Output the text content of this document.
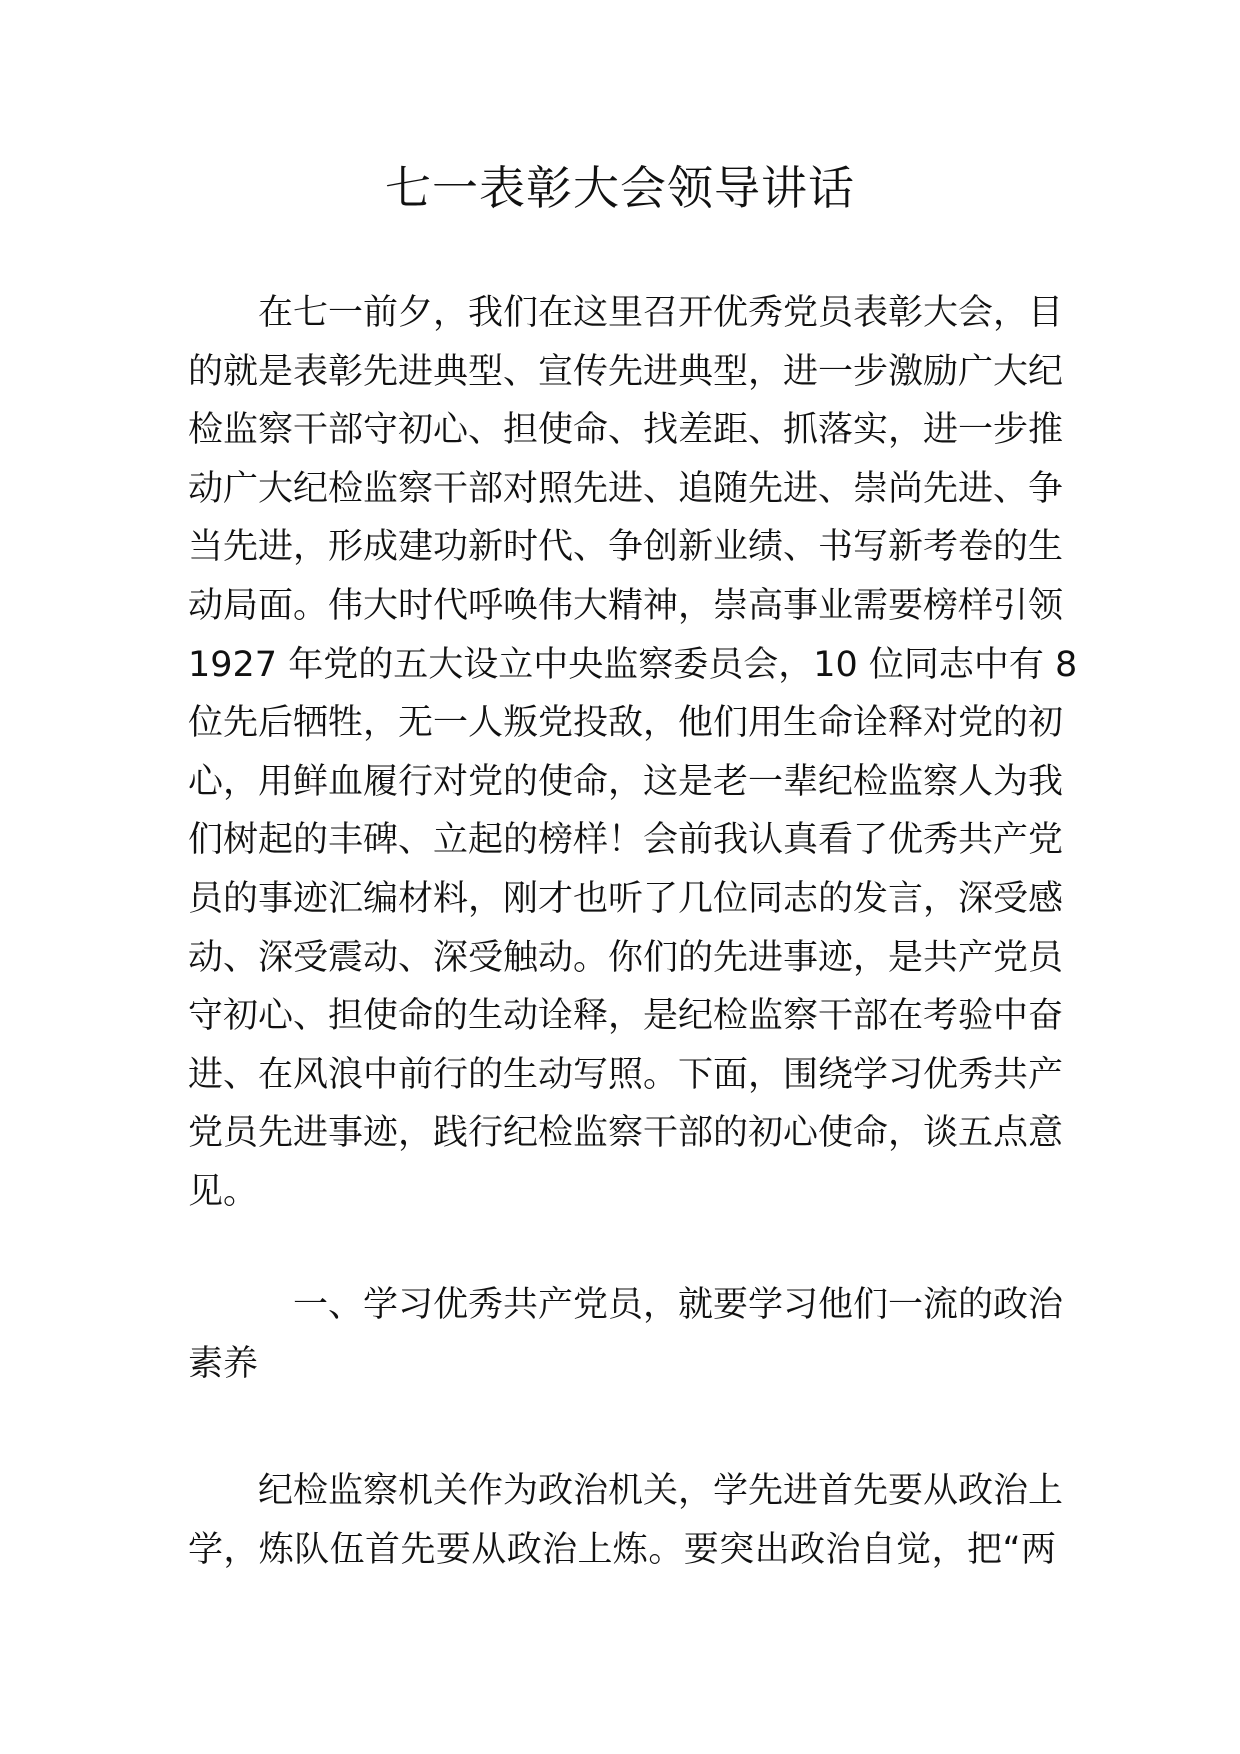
七一表彰大会领导讲话
　　在七一前夕，我们在这里召开优秀党员表彰大会，目
的就是表彰先进典型、宣传先进典型，进一步激励广大纪
检监察干部守初心、担使命、找差距、抓落实，进一步推
动广大纪检监察干部对照先进、追随先进、崇尚先进、争
当先进，形成建功新时代、争创新业绩、书写新考卷的生
动局面。伟大时代呼唤伟大精神，崇高事业需要榜样引领
1927 年党的五大设立中央监察委员会，10 位同志中有 8
位先后牺牲，无一人叛党投敌，他们用生命诠释对党的初
心，用鲜血履行对党的使命，这是老一辈纪检监察人为我
们树起的丰碑、立起的榜样！会前我认真看了优秀共产党
员的事迹汇编材料，刚才也听了几位同志的发言，深受感
动、深受震动、深受触动。你们的先进事迹，是共产党员
守初心、担使命的生动诠释，是纪检监察干部在考验中奋
进、在风浪中前行的生动写照。下面，围绕学习优秀共产
党员先进事迹，践行纪检监察干部的初心使命，谈五点意
见。
　　　一、学习优秀共产党员，就要学习他们一流的政治
素养
　　纪检监察机关作为政治机关，学先进首先要从政治上
学，炼队伍首先要从政治上炼。要突出政治自觉，把“两
